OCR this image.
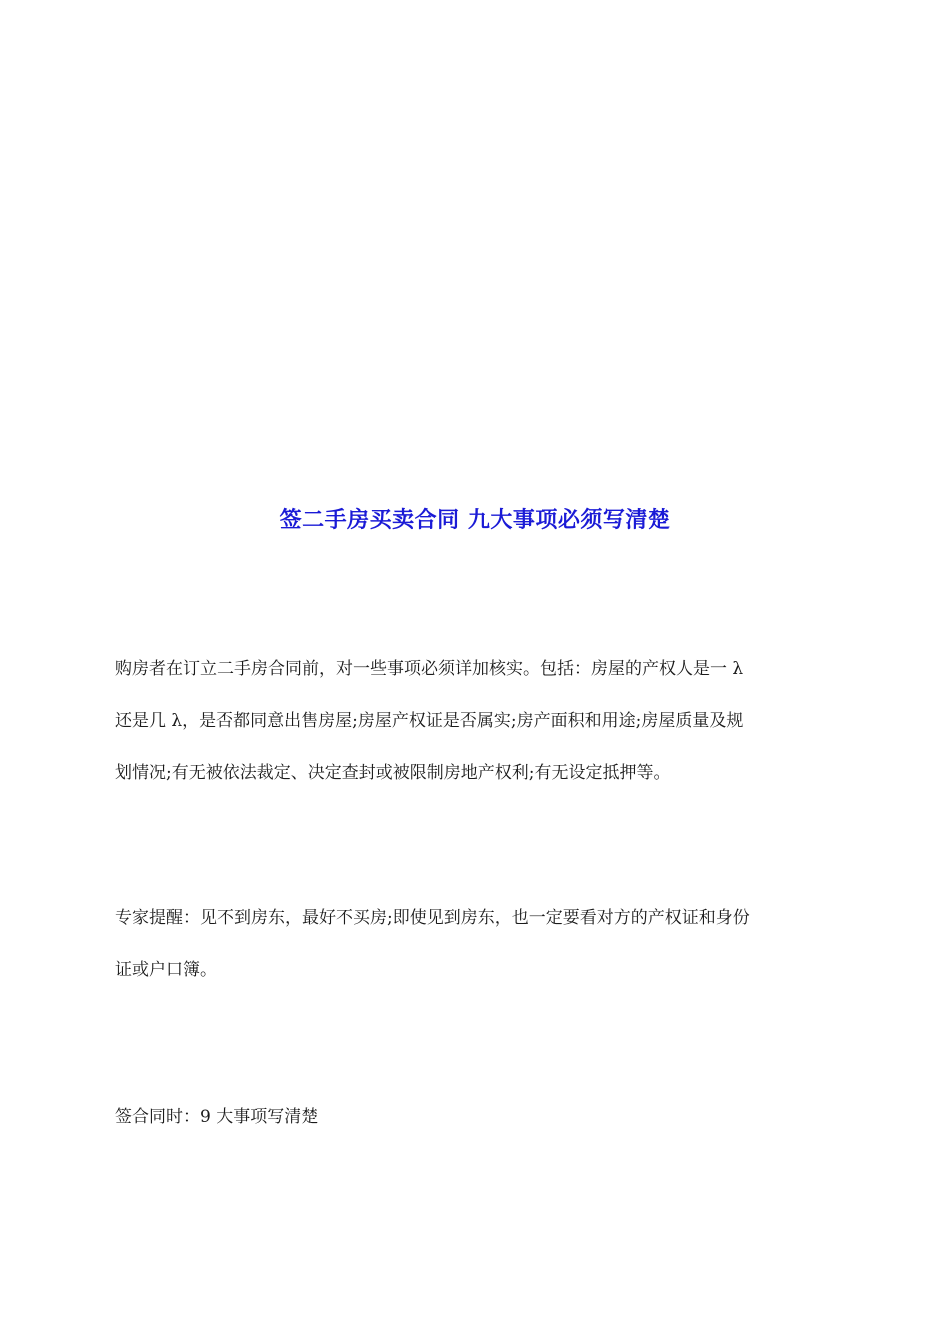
签二手房买卖合同 九大事项必须写清楚

购房者在订立二手房合同前，对一些事项必须详加核实。包括：房屋的产权人是一 λ
还是几 λ，是否都同意出售房屋;房屋产权证是否属实;房产面积和用途;房屋质量及规
划情况;有无被依法裁定、决定查封或被限制房地产权利;有无设定抵押等。

专家提醒：见不到房东，最好不买房;即使见到房东，也一定要看对方的产权证和身份
证或户口簿。

签合同时：9 大事项写清楚
